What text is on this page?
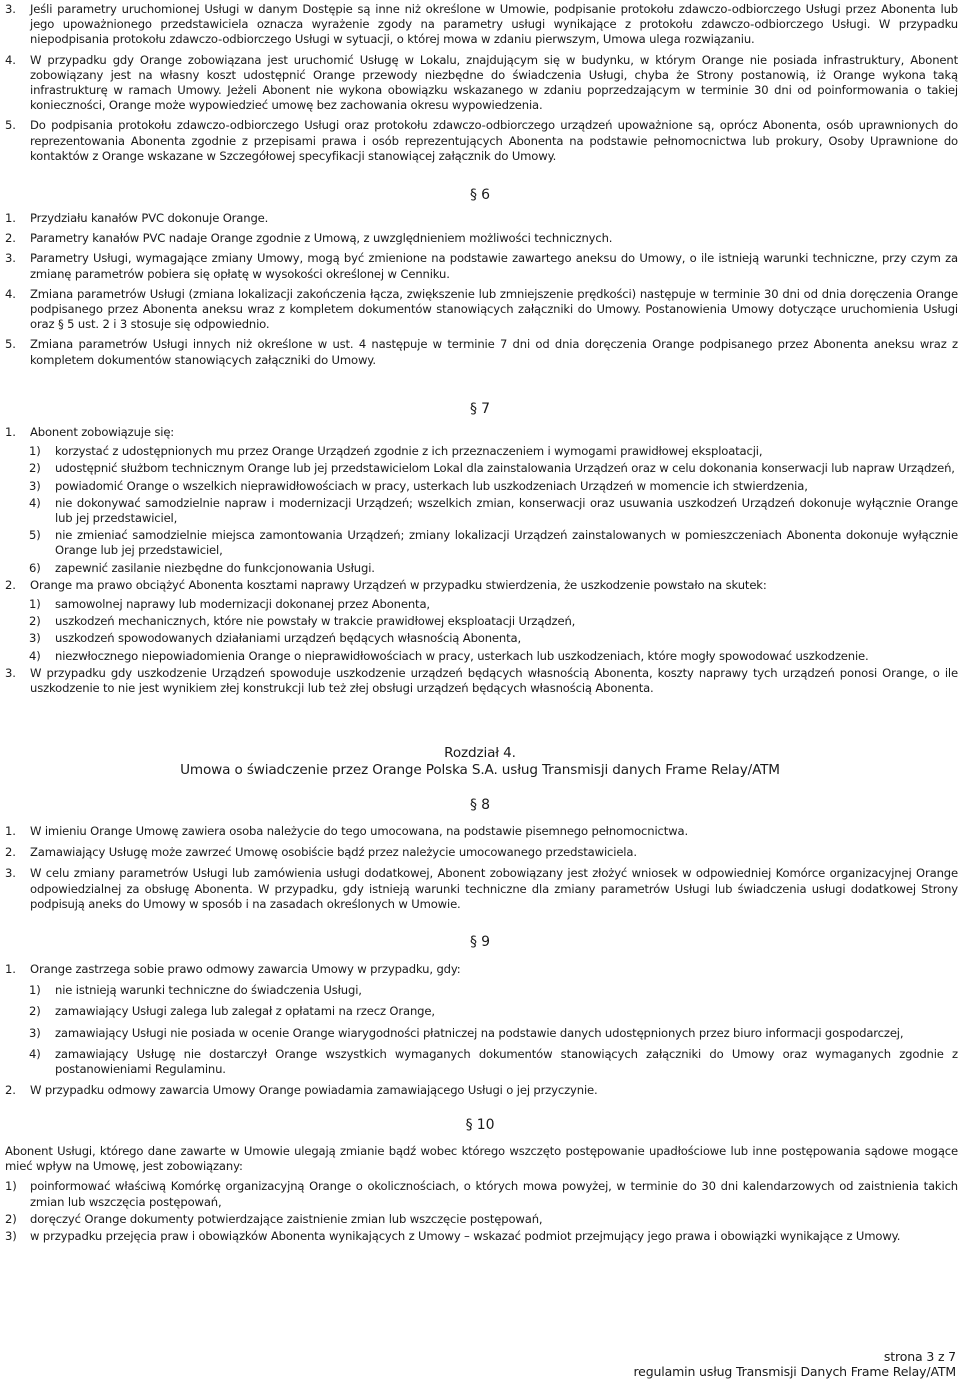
3. Jeśli parametry uruchomionej Usługi w danym Dostępie są inne niż określone w Umowie, podpisanie protokołu zdawczo-odbiorczego Usługi przez Abonenta lub jego upoważnionego przedstawiciela oznacza wyrażenie zgody na parametry usługi wynikające z protokołu zdawczo-odbiorczego Usługi. W przypadku niepodpisania protokołu zdawczo-odbiorczego Usługi w sytuacji, o której mowa w zdaniu pierwszym, Umowa ulega rozwiązaniu.
4. W przypadku gdy Orange zobowiązana jest uruchomić Usługę w Lokalu, znajdującym się w budynku, w którym Orange nie posiada infrastruktury, Abonent zobowiązany jest na własny koszt udostępnić Orange przewody niezbędne do świadczenia Usługi, chyba że Strony postanowią, iż Orange wykona taką infrastrukturę w ramach Umowy. Jeżeli Abonent nie wykona obowiązku wskazanego w zdaniu poprzedzającym w terminie 30 dni od poinformowania o takiej konieczności, Orange może wypowiedzieć umowę bez zachowania okresu wypowiedzenia.
5. Do podpisania protokołu zdawczo-odbiorczego Usługi oraz protokołu zdawczo-odbiorczego urządzeń upoważnione są, oprócz Abonenta, osób uprawnionych do reprezentowania Abonenta zgodnie z przepisami prawa i osób reprezentujących Abonenta na podstawie pełnomocnictwa lub prokury, Osoby Uprawnione do kontaktów z Orange wskazane w Szczegółowej specyfikacji stanowiącej załącznik do Umowy.
§ 6
1. Przydziału kanałów PVC dokonuje Orange.
2. Parametry kanałów PVC nadaje Orange zgodnie z Umową, z uwzględnieniem możliwości technicznych.
3. Parametry Usługi, wymagające zmiany Umowy, mogą być zmienione na podstawie zawartego aneksu do Umowy, o ile istnieją warunki techniczne, przy czym za zmianę parametrów pobiera się opłatę w wysokości określonej w Cenniku.
4. Zmiana parametrów Usługi (zmiana lokalizacji zakończenia łącza, zwiększenie lub zmniejszenie prędkości) następuje w terminie 30 dni od dnia doręczenia Orange podpisanego przez Abonenta aneksu wraz z kompletem dokumentów stanowiących załączniki do Umowy. Postanowienia Umowy dotyczące uruchomienia Usługi oraz § 5 ust. 2 i 3 stosuje się odpowiednio.
5. Zmiana parametrów Usługi innych niż określone w ust. 4 następuje w terminie 7 dni od dnia doręczenia Orange podpisanego przez Abonenta aneksu wraz z kompletem dokumentów stanowiących załączniki do Umowy.
§ 7
1. Abonent zobowiązuje się:
1) korzystać z udostępnionych mu przez Orange Urządzeń zgodnie z ich przeznaczeniem i wymogami prawidłowej eksploatacji,
2) udostępnić służbom technicznym Orange lub jej przedstawicielom Lokal dla zainstalowania Urządzeń oraz w celu dokonania konserwacji lub napraw Urządzeń,
3) powiadomić Orange o wszelkich nieprawidłowościach w pracy, usterkach lub uszkodzeniach Urządzeń w momencie ich stwierdzenia,
4) nie dokonywać samodzielnie napraw i modernizacji Urządzeń; wszelkich zmian, konserwacji oraz usuwania uszkodzeń Urządzeń dokonuje wyłącznie Orange lub jej przedstawiciel,
5) nie zmieniać samodzielnie miejsca zamontowania Urządzeń; zmiany lokalizacji Urządzeń zainstalowanych w pomieszczeniach Abonenta dokonuje wyłącznie Orange lub jej przedstawiciel,
6) zapewnić zasilanie niezbędne do funkcjonowania Usługi.
2. Orange ma prawo obciążyć Abonenta kosztami naprawy Urządzeń w przypadku stwierdzenia, że uszkodzenie powstało na skutek:
1) samowolnej naprawy lub modernizacji dokonanej przez Abonenta,
2) uszkodzeń mechanicznych, które nie powstały w trakcie prawidłowej eksploatacji Urządzeń,
3) uszkodzeń spowodowanych działaniami urządzeń będących własnością Abonenta,
4) niezwłocznego niepowiadomienia Orange o nieprawidłowościach w pracy, usterkach lub uszkodzeniach, które mogły spowodować uszkodzenie.
3. W przypadku gdy uszkodzenie Urządzeń spowoduje uszkodzenie urządzeń będących własnością Abonenta, koszty naprawy tych urządzeń ponosi Orange, o ile uszkodzenie to nie jest wynikiem złej konstrukcji lub też złej obsługi urządzeń będących własnością Abonenta.
Rozdział 4.
Umowa o świadczenie przez Orange Polska S.A. usług Transmisji danych Frame Relay/ATM
§ 8
1. W imieniu Orange Umowę zawiera osoba należycie do tego umocowana, na podstawie pisemnego pełnomocnictwa.
2. Zamawiający Usługę może zawrzeć Umowę osobiście bądź przez należycie umocowanego przedstawiciela.
3. W celu zmiany parametrów Usługi lub zamówienia usługi dodatkowej, Abonent zobowiązany jest złożyć wniosek w odpowiedniej Komórce organizacyjnej Orange odpowiedzialnej za obsługę Abonenta. W przypadku, gdy istnieją warunki techniczne dla zmiany parametrów Usługi lub świadczenia usługi dodatkowej Strony podpisują aneks do Umowy w sposób i na zasadach określonych w Umowie.
§ 9
1. Orange zastrzega sobie prawo odmowy zawarcia Umowy w przypadku, gdy:
1) nie istnieją warunki techniczne do świadczenia Usługi,
2) zamawiający Usługi zalega lub zalegał z opłatami na rzecz Orange,
3) zamawiający Usługi nie posiada w ocenie Orange wiarygodności płatniczej na podstawie danych udostępnionych przez biuro informacji gospodarczej,
4) zamawiający Usługę nie dostarczył Orange wszystkich wymaganych dokumentów stanowiących załączniki do Umowy oraz wymaganych zgodnie z postanowieniami Regulaminu.
2. W przypadku odmowy zawarcia Umowy Orange powiadamia zamawiającego Usługi o jej przyczynie.
§ 10
Abonent Usługi, którego dane zawarte w Umowie ulegają zmianie bądź wobec którego wszczęto postępowanie upadłościowe lub inne postępowania sądowe mogące mieć wpływ na Umowę, jest zobowiązany:
1) poinformować właściwą Komórkę organizacyjną Orange o okolicznościach, o których mowa powyżej, w terminie do 30 dni kalendarzowych od zaistnienia takich zmian lub wszczęcia postępowań,
2) doręczyć Orange dokumenty potwierdzające zaistnienie zmian lub wszczęcie postępowań,
3) w przypadku przejęcia praw i obowiązków Abonenta wynikających z Umowy – wskazać podmiot przejmujący jego prawa i obowiązki wynikające z Umowy.
strona 3 z 7
regulamin usług Transmisji Danych Frame Relay/ATM
